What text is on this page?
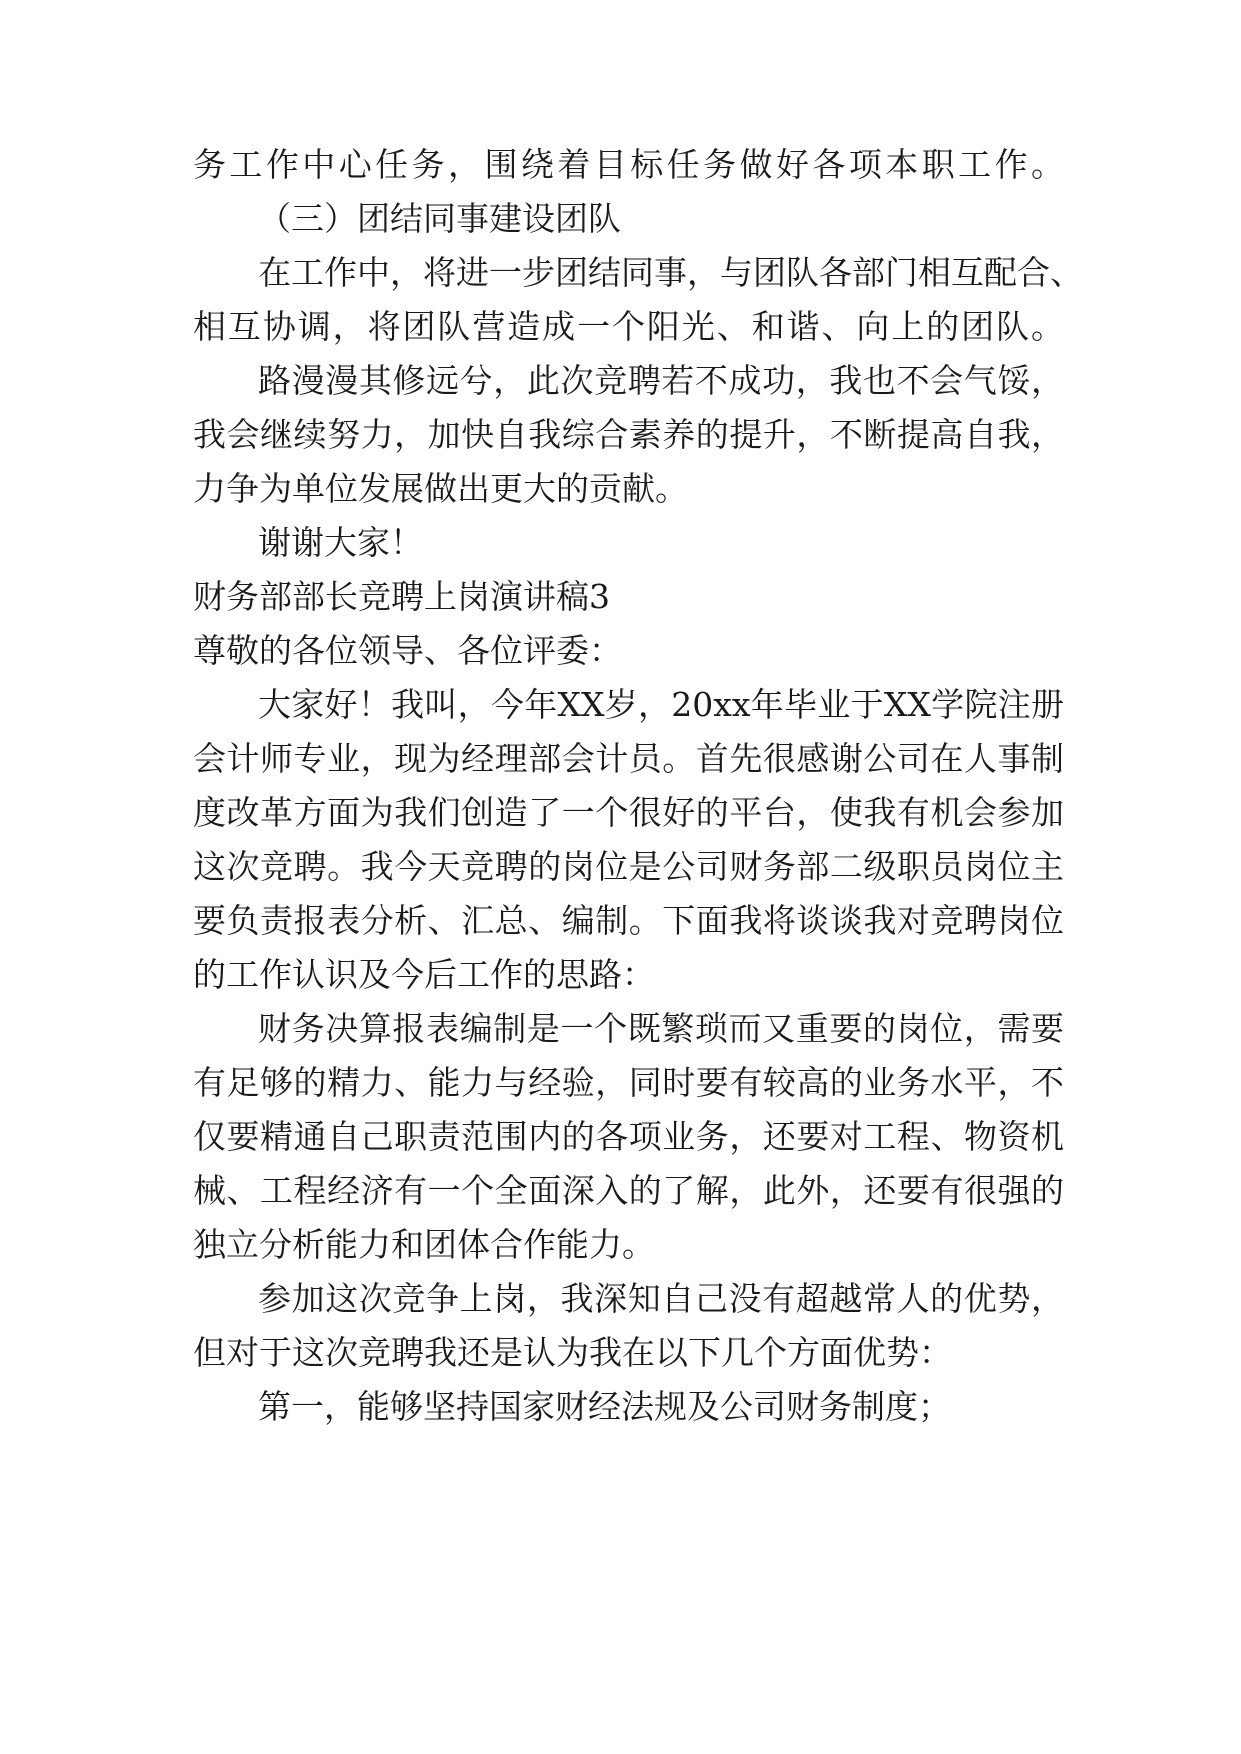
务工作中心任务，围绕着目标任务做好各项本职工作。
（三）团结同事建设团队
在工作中，将进一步团结同事，与团队各部门相互配合、
相互协调，将团队营造成一个阳光、和谐、向上的团队。
路漫漫其修远兮，此次竞聘若不成功，我也不会气馁，
我会继续努力，加快自我综合素养的提升，不断提高自我，
力争为单位发展做出更大的贡献。
谢谢大家！
财务部部长竞聘上岗演讲稿3
尊敬的各位领导、各位评委：
大家好！我叫，今年XX岁，20xx年毕业于XX学院注册
会计师专业，现为经理部会计员。首先很感谢公司在人事制
度改革方面为我们创造了一个很好的平台，使我有机会参加
这次竞聘。我今天竞聘的岗位是公司财务部二级职员岗位主
要负责报表分析、汇总、编制。下面我将谈谈我对竞聘岗位
的工作认识及今后工作的思路：
财务决算报表编制是一个既繁琐而又重要的岗位，需要
有足够的精力、能力与经验，同时要有较高的业务水平，不
仅要精通自己职责范围内的各项业务，还要对工程、物资机
械、工程经济有一个全面深入的了解，此外，还要有很强的
独立分析能力和团体合作能力。
参加这次竞争上岗，我深知自己没有超越常人的优势，
但对于这次竞聘我还是认为我在以下几个方面优势：
第一，能够坚持国家财经法规及公司财务制度；
